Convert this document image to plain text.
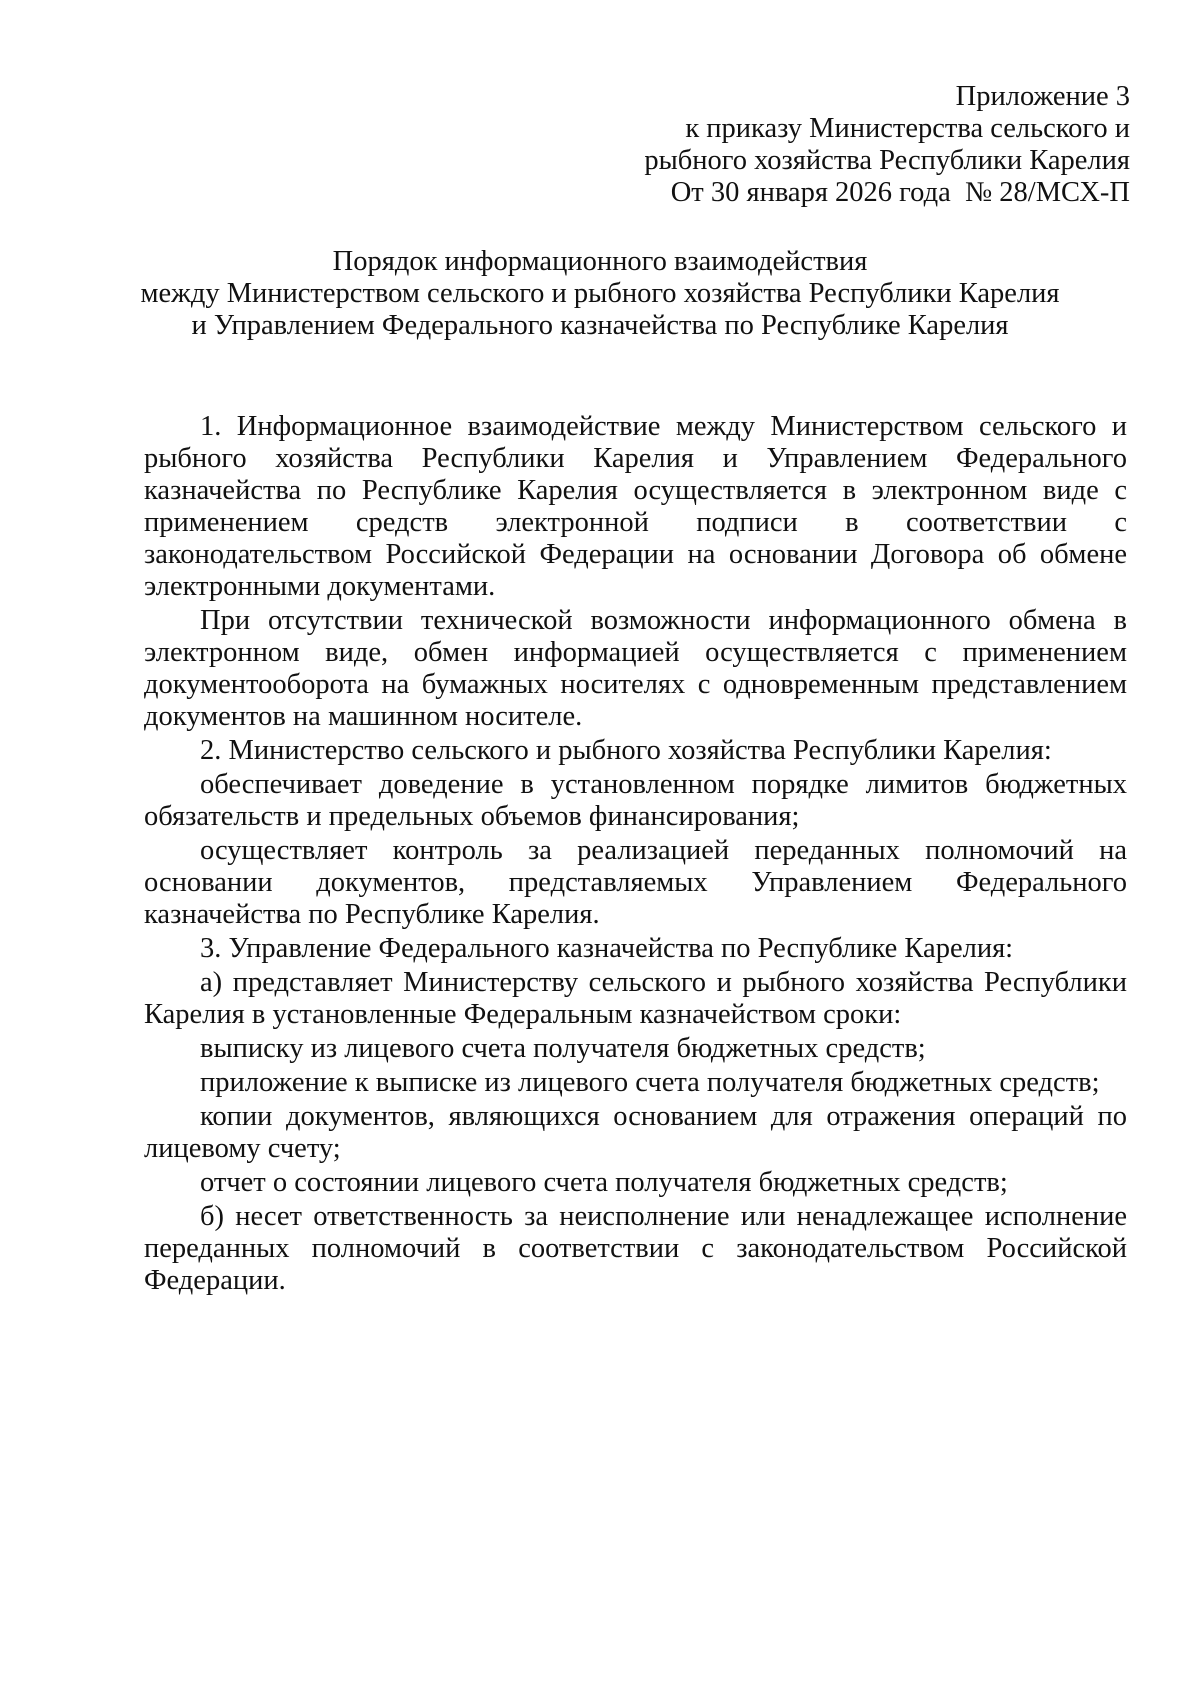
Приложение 3
к приказу Министерства сельского и
рыбного хозяйства Республики Карелия
От 30 января 2026 года  № 28/МСХ-П
Порядок информационного взаимодействия
между Министерством сельского и рыбного хозяйства Республики Карелия
и Управлением Федерального казначейства по Республике Карелия
1. Информационное взаимодействие между Министерством сельского и
рыбного хозяйства Республики Карелия и Управлением Федерального
казначейства по Республике Карелия осуществляется в электронном виде с
применением средств электронной подписи в соответствии с
законодательством Российской Федерации на основании Договора об обмене
электронными документами.
При отсутствии технической возможности информационного обмена в
электронном виде, обмен информацией осуществляется с применением
документооборота на бумажных носителях с одновременным представлением
документов на машинном носителе.
2. Министерство сельского и рыбного хозяйства Республики Карелия:
обеспечивает доведение в установленном порядке лимитов бюджетных
обязательств и предельных объемов финансирования;
осуществляет контроль за реализацией переданных полномочий на
основании документов, представляемых Управлением Федерального
казначейства по Республике Карелия.
3. Управление Федерального казначейства по Республике Карелия:
а) представляет Министерству сельского и рыбного хозяйства Республики
Карелия в установленные Федеральным казначейством сроки:
выписку из лицевого счета получателя бюджетных средств;
приложение к выписке из лицевого счета получателя бюджетных средств;
копии документов, являющихся основанием для отражения операций по
лицевому счету;
отчет о состоянии лицевого счета получателя бюджетных средств;
б) несет ответственность за неисполнение или ненадлежащее исполнение
переданных полномочий в соответствии с законодательством Российской
Федерации.
